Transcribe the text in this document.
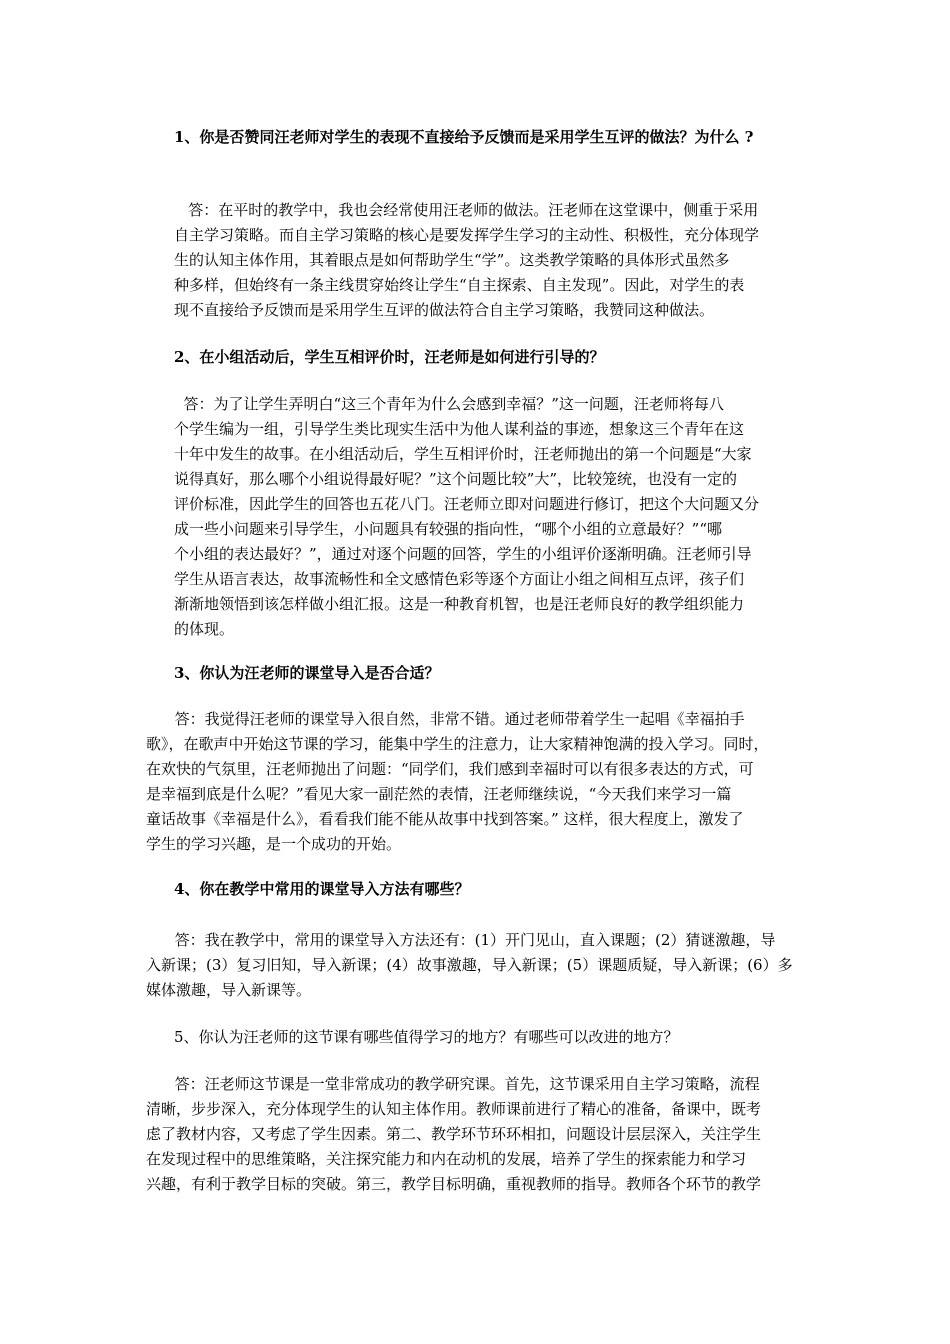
1、你是否赞同汪老师对学生的表现不直接给予反馈而是采用学生互评的做法？为什么 ?
答：在平时的教学中，我也会经常使用汪老师的做法。汪老师在这堂课中，侧重于采用
自主学习策略。而自主学习策略的核心是要发挥学生学习的主动性、积极性，充分体现学
生的认知主体作用，其着眼点是如何帮助学生“学”。这类教学策略的具体形式虽然多
种多样，但始终有一条主线贯穿始终让学生“自主探索、自主发现”。因此，对学生的表
现不直接给予反馈而是采用学生互评的做法符合自主学习策略，我赞同这种做法。
2、在小组活动后，学生互相评价时，汪老师是如何进行引导的？
答：为了让学生弄明白“这三个青年为什么会感到幸福？”这一问题，汪老师将每八
个学生编为一组，引导学生类比现实生活中为他人谋利益的事迹，想象这三个青年在这
十年中发生的故事。在小组活动后，学生互相评价时，汪老师抛出的第一个问题是“大家
说得真好，那么哪个小组说得最好呢？”这个问题比较”大”，比较笼统，也没有一定的
评价标准，因此学生的回答也五花八门。汪老师立即对问题进行修订，把这个大问题又分
成一些小问题来引导学生，小问题具有较强的指向性，“哪个小组的立意最好？”“哪
个小组的表达最好？”，通过对逐个问题的回答，学生的小组评价逐渐明确。汪老师引导
学生从语言表达，故事流畅性和全文感情色彩等逐个方面让小组之间相互点评，孩子们
渐渐地领悟到该怎样做小组汇报。这是一种教育机智，也是汪老师良好的教学组织能力
的体现。
3、你认为汪老师的课堂导入是否合适？
答：我觉得汪老师的课堂导入很自然，非常不错。通过老师带着学生一起唱《幸福拍手
歌》，在歌声中开始这节课的学习，能集中学生的注意力，让大家精神饱满的投入学习。同时，
在欢快的气氛里，汪老师抛出了问题：“同学们，我们感到幸福时可以有很多表达的方式，可
是幸福到底是什么呢？”看见大家一副茫然的表情，汪老师继续说，“今天我们来学习一篇
童话故事《幸福是什么》，看看我们能不能从故事中找到答案。” 这样，很大程度上，激发了
学生的学习兴趣，是一个成功的开始。
4、你在教学中常用的课堂导入方法有哪些？
答：我在教学中，常用的课堂导入方法还有：(1）开门见山，直入课题；(2）猜谜激趣，导
入新课；(3）复习旧知，导入新课；(4）故事激趣，导入新课；(5）课题质疑，导入新课；(6）多
媒体激趣，导入新课等。
5、你认为汪老师的这节课有哪些值得学习的地方？有哪些可以改进的地方？
答：汪老师这节课是一堂非常成功的教学研究课。首先，这节课采用自主学习策略，流程
清晰，步步深入，充分体现学生的认知主体作用。教师课前进行了精心的准备，备课中，既考
虑了教材内容，又考虑了学生因素。第二、教学环节环环相扣，问题设计层层深入，关注学生
在发现过程中的思维策略，关注探究能力和内在动机的发展，培养了学生的探索能力和学习
兴趣，有利于教学目标的突破。第三，教学目标明确，重视教师的指导。教师各个环节的教学
